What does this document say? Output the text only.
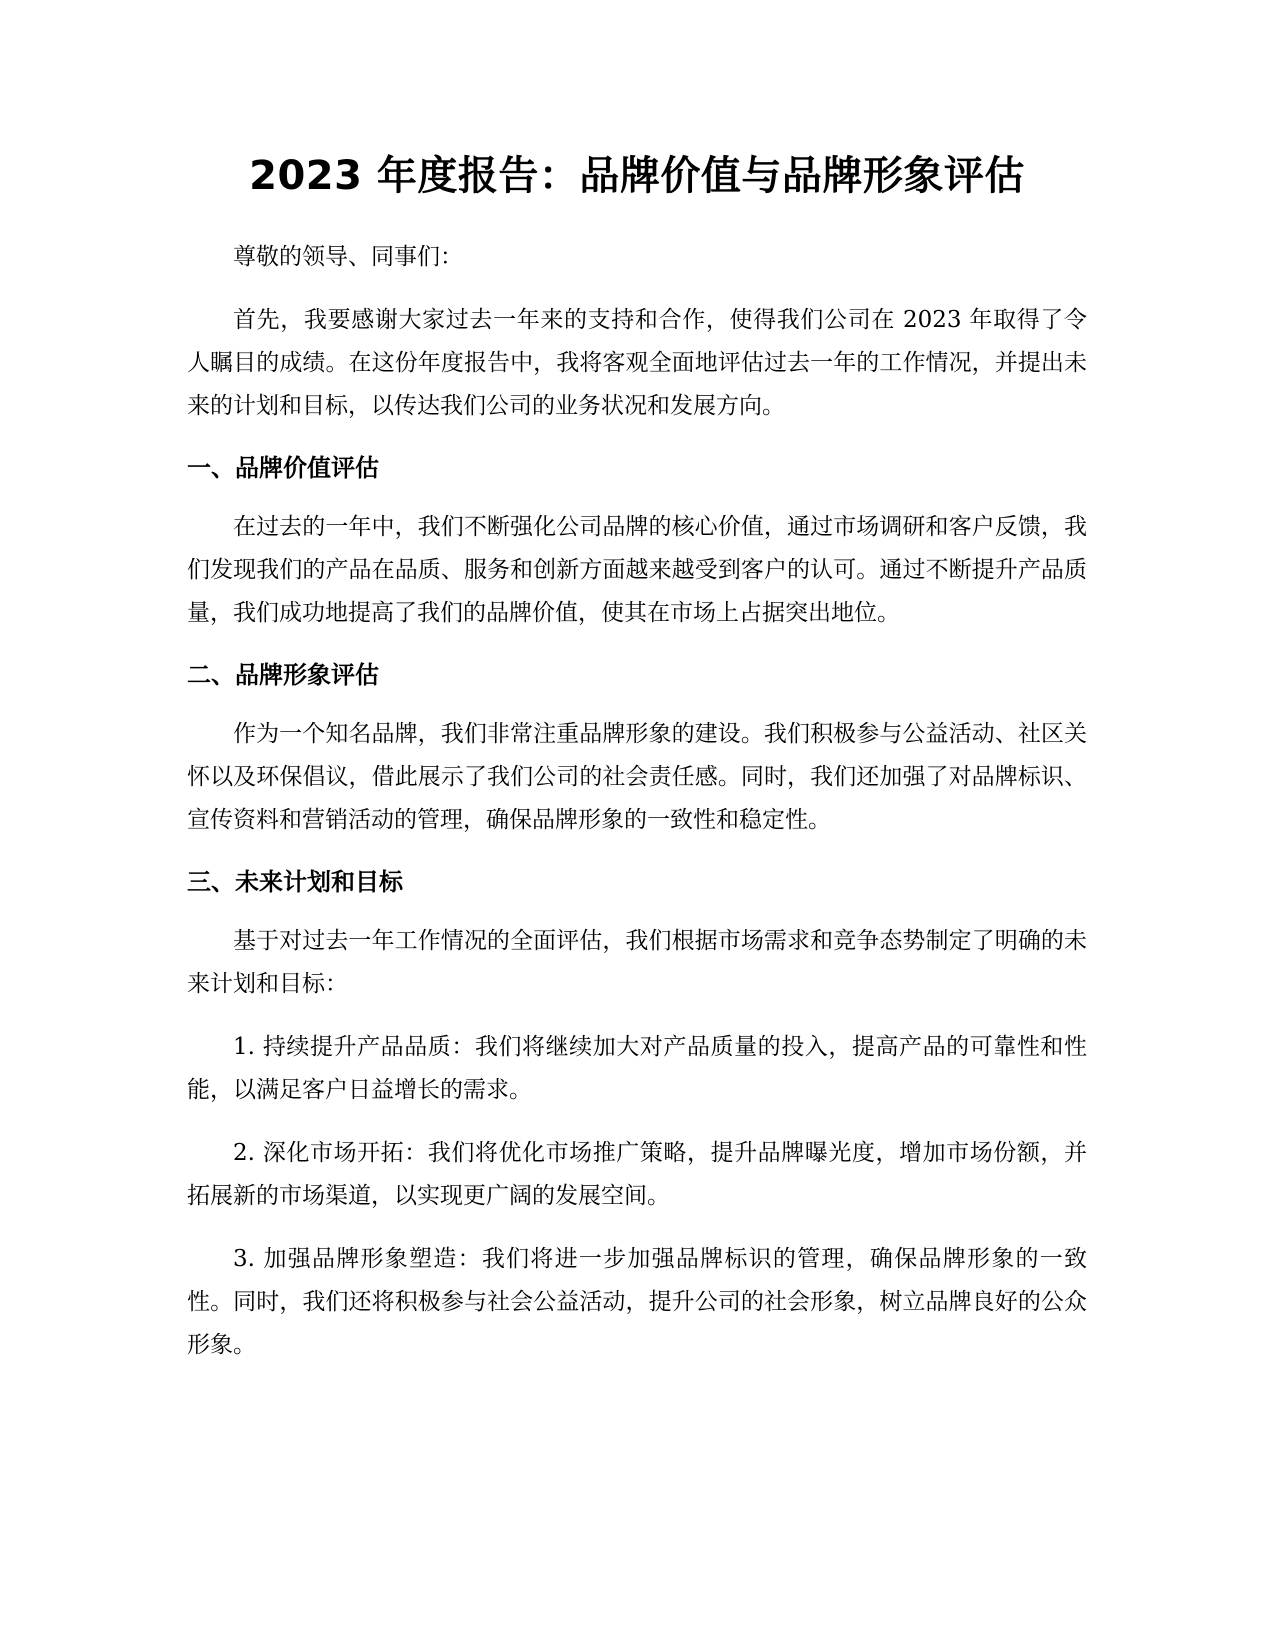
2023 年度报告：品牌价值与品牌形象评估

尊敬的领导、同事们：

首先，我要感谢大家过去一年来的支持和合作，使得我们公司在 2023 年取得了令人瞩目的成绩。在这份年度报告中，我将客观全面地评估过去一年的工作情况，并提出未来的计划和目标，以传达我们公司的业务状况和发展方向。

一、品牌价值评估

在过去的一年中，我们不断强化公司品牌的核心价值，通过市场调研和客户反馈，我们发现我们的产品在品质、服务和创新方面越来越受到客户的认可。通过不断提升产品质量，我们成功地提高了我们的品牌价值，使其在市场上占据突出地位。

二、品牌形象评估

作为一个知名品牌，我们非常注重品牌形象的建设。我们积极参与公益活动、社区关怀以及环保倡议，借此展示了我们公司的社会责任感。同时，我们还加强了对品牌标识、宣传资料和营销活动的管理，确保品牌形象的一致性和稳定性。

三、未来计划和目标

基于对过去一年工作情况的全面评估，我们根据市场需求和竞争态势制定了明确的未来计划和目标：

1. 持续提升产品品质：我们将继续加大对产品质量的投入，提高产品的可靠性和性能，以满足客户日益增长的需求。

2. 深化市场开拓：我们将优化市场推广策略，提升品牌曝光度，增加市场份额，并拓展新的市场渠道，以实现更广阔的发展空间。

3. 加强品牌形象塑造：我们将进一步加强品牌标识的管理，确保品牌形象的一致性。同时，我们还将积极参与社会公益活动，提升公司的社会形象，树立品牌良好的公众形象。
